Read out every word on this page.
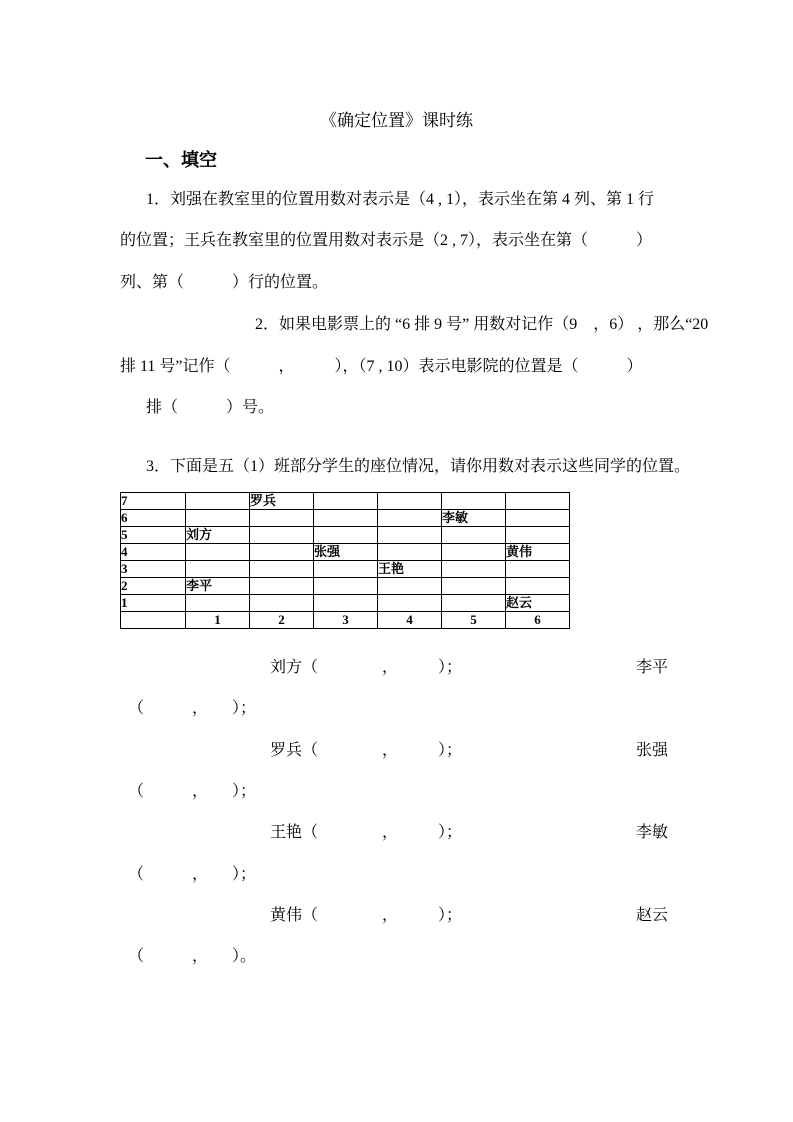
《确定位置》课时练
一、填空
1．刘强在教室里的位置用数对表示是（4 , 1），表示坐在第 4 列、第 1 行
的位置；王兵在教室里的位置用数对表示是（2 , 7），表示坐在第（　　　）
列、第（　　　）行的位置。
2．如果电影票上的 “6 排 9 号” 用数对记作（9　，6） ，那么“20
排 11 号”记作（　　　，　　　），（7 , 10）表示电影院的位置是（　　　）
排（　　　）号。
3．下面是五（1）班部分学生的座位情况，请你用数对表示这些同学的位置。
7		罗兵				
6					李敏	
5	刘方					
4			张强			黄伟
3				王艳		
2	李平					
1						赵云
	1	2	3	4	5	6
刘方（　　　　，　　　）；	李平
（　　　，　　）；
罗兵（　　　　，　　　）；	张强
（　　　，　　）；
王艳（　　　　，　　　）；	李敏
（　　　，　　）；
黄伟（　　　　，　　　）；	赵云
（　　　，　　）。
